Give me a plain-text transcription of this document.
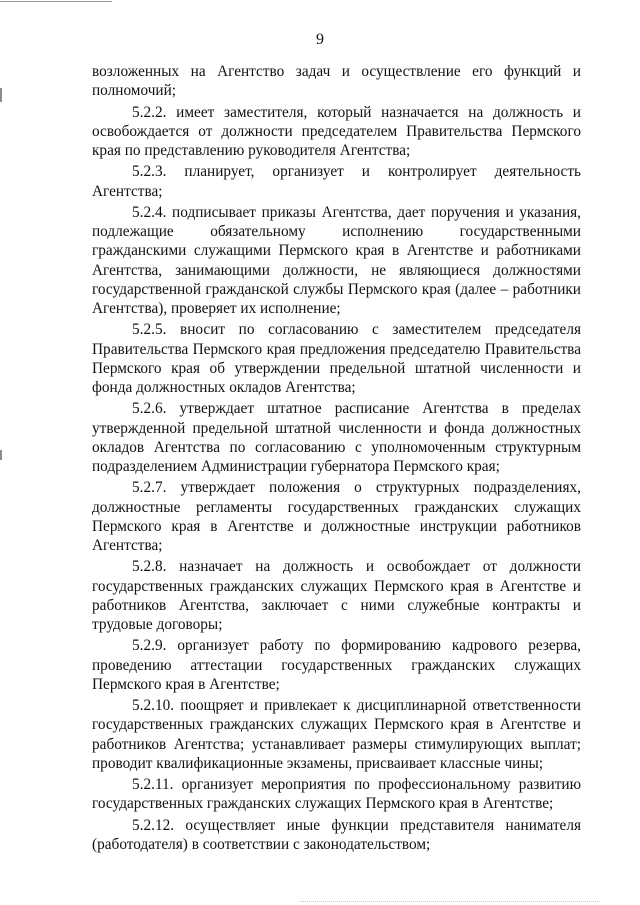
9

возложенных на Агентство задач и осуществление его функций и полномочий;

5.2.2. имеет заместителя, который назначается на должность и освобождается от должности председателем Правительства Пермского края по представлению руководителя Агентства;

5.2.3. планирует, организует и контролирует деятельность Агентства;

5.2.4. подписывает приказы Агентства, дает поручения и указания, подлежащие обязательному исполнению государственными гражданскими служащими Пермского края в Агентстве и работниками Агентства, занимающими должности, не являющиеся должностями государственной гражданской службы Пермского края (далее – работники Агентства), проверяет их исполнение;

5.2.5. вносит по согласованию с заместителем председателя Правительства Пермского края предложения председателю Правительства Пермского края об утверждении предельной штатной численности и фонда должностных окладов Агентства;

5.2.6. утверждает штатное расписание Агентства в пределах утвержденной предельной штатной численности и фонда должностных окладов Агентства по согласованию с уполномоченным структурным подразделением Администрации губернатора Пермского края;

5.2.7. утверждает положения о структурных подразделениях, должностные регламенты государственных гражданских служащих Пермского края в Агентстве и должностные инструкции работников Агентства;

5.2.8. назначает на должность и освобождает от должности государственных гражданских служащих Пермского края в Агентстве и работников Агентства, заключает с ними служебные контракты и трудовые договоры;

5.2.9. организует работу по формированию кадрового резерва, проведению аттестации государственных гражданских служащих Пермского края в Агентстве;

5.2.10. поощряет и привлекает к дисциплинарной ответственности государственных гражданских служащих Пермского края в Агентстве и работников Агентства; устанавливает размеры стимулирующих выплат; проводит квалификационные экзамены, присваивает классные чины;

5.2.11. организует мероприятия по профессиональному развитию государственных гражданских служащих Пермского края в Агентстве;

5.2.12. осуществляет иные функции представителя нанимателя (работодателя) в соответствии с законодательством;
